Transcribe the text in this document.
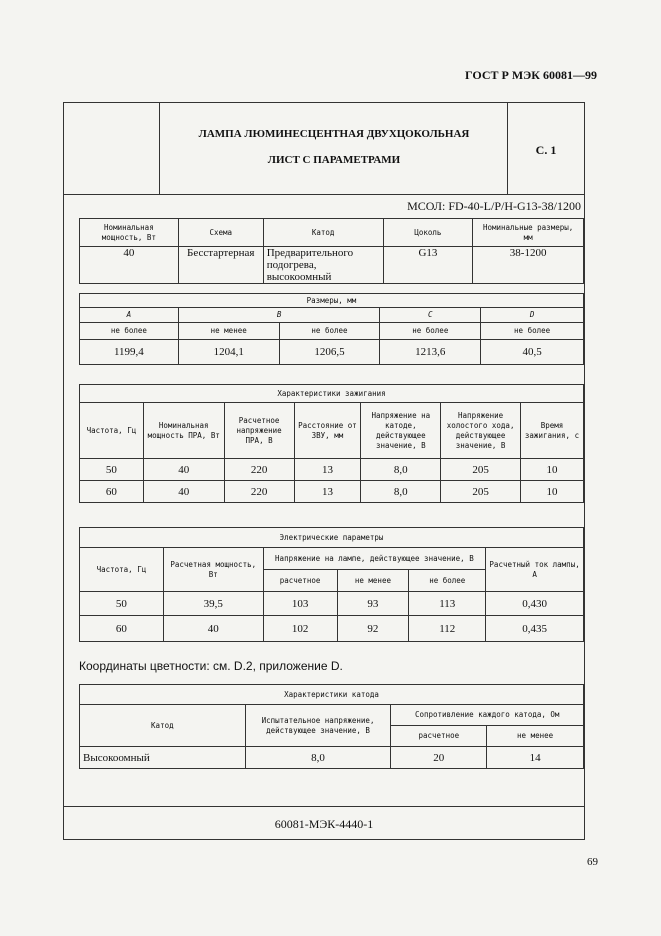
ГОСТ Р МЭК 60081—99
ЛАМПА ЛЮМИНЕСЦЕНТНАЯ ДВУХЦОКОЛЬНАЯ
ЛИСТ С ПАРАМЕТРАМИ
С. 1
МСОЛ: FD-40-L/P/H-G13-38/1200
60081-МЭК-4440-1
Номинальная мощность, Вт	Схема	Катод	Цоколь	Номинальные размеры, мм
40	Бесстартерная	Предварительного подогрева, высокоомный	G13	38-1200
Размеры, мм				
A	B		C	D
не более	не менее	не более	не более	не более
1199,4	1204,1	1206,5	1213,6	40,5
Характеристики зажигания						
Частота, Гц	Номинальная мощность ПРА, Вт	Расчетное напряжение ПРА, В	Расстояние от ЗВУ, мм	Напряжение на катоде, действующее значение, В	Напряжение холостого хода, действующее значение, В	Время зажигания, с
50	40	220	13	8,0	205	10
60	40	220	13	8,0	205	10
Электрические параметры					
Частота, Гц	Расчетная мощность, Вт	Напряжение на лампе, действующее значение, В			Расчетный ток лампы, А
		расчетное	не менее	не более	
50	39,5	103	93	113	0,430
60	40	102	92	112	0,435
Координаты цветности: см. D.2, приложение D.
Характеристики катода			
Катод	Испытательное напряжение, действующее значение, В	Сопротивление каждого катода, Ом	
		расчетное	не менее
Высокоомный	8,0	20	14
69
